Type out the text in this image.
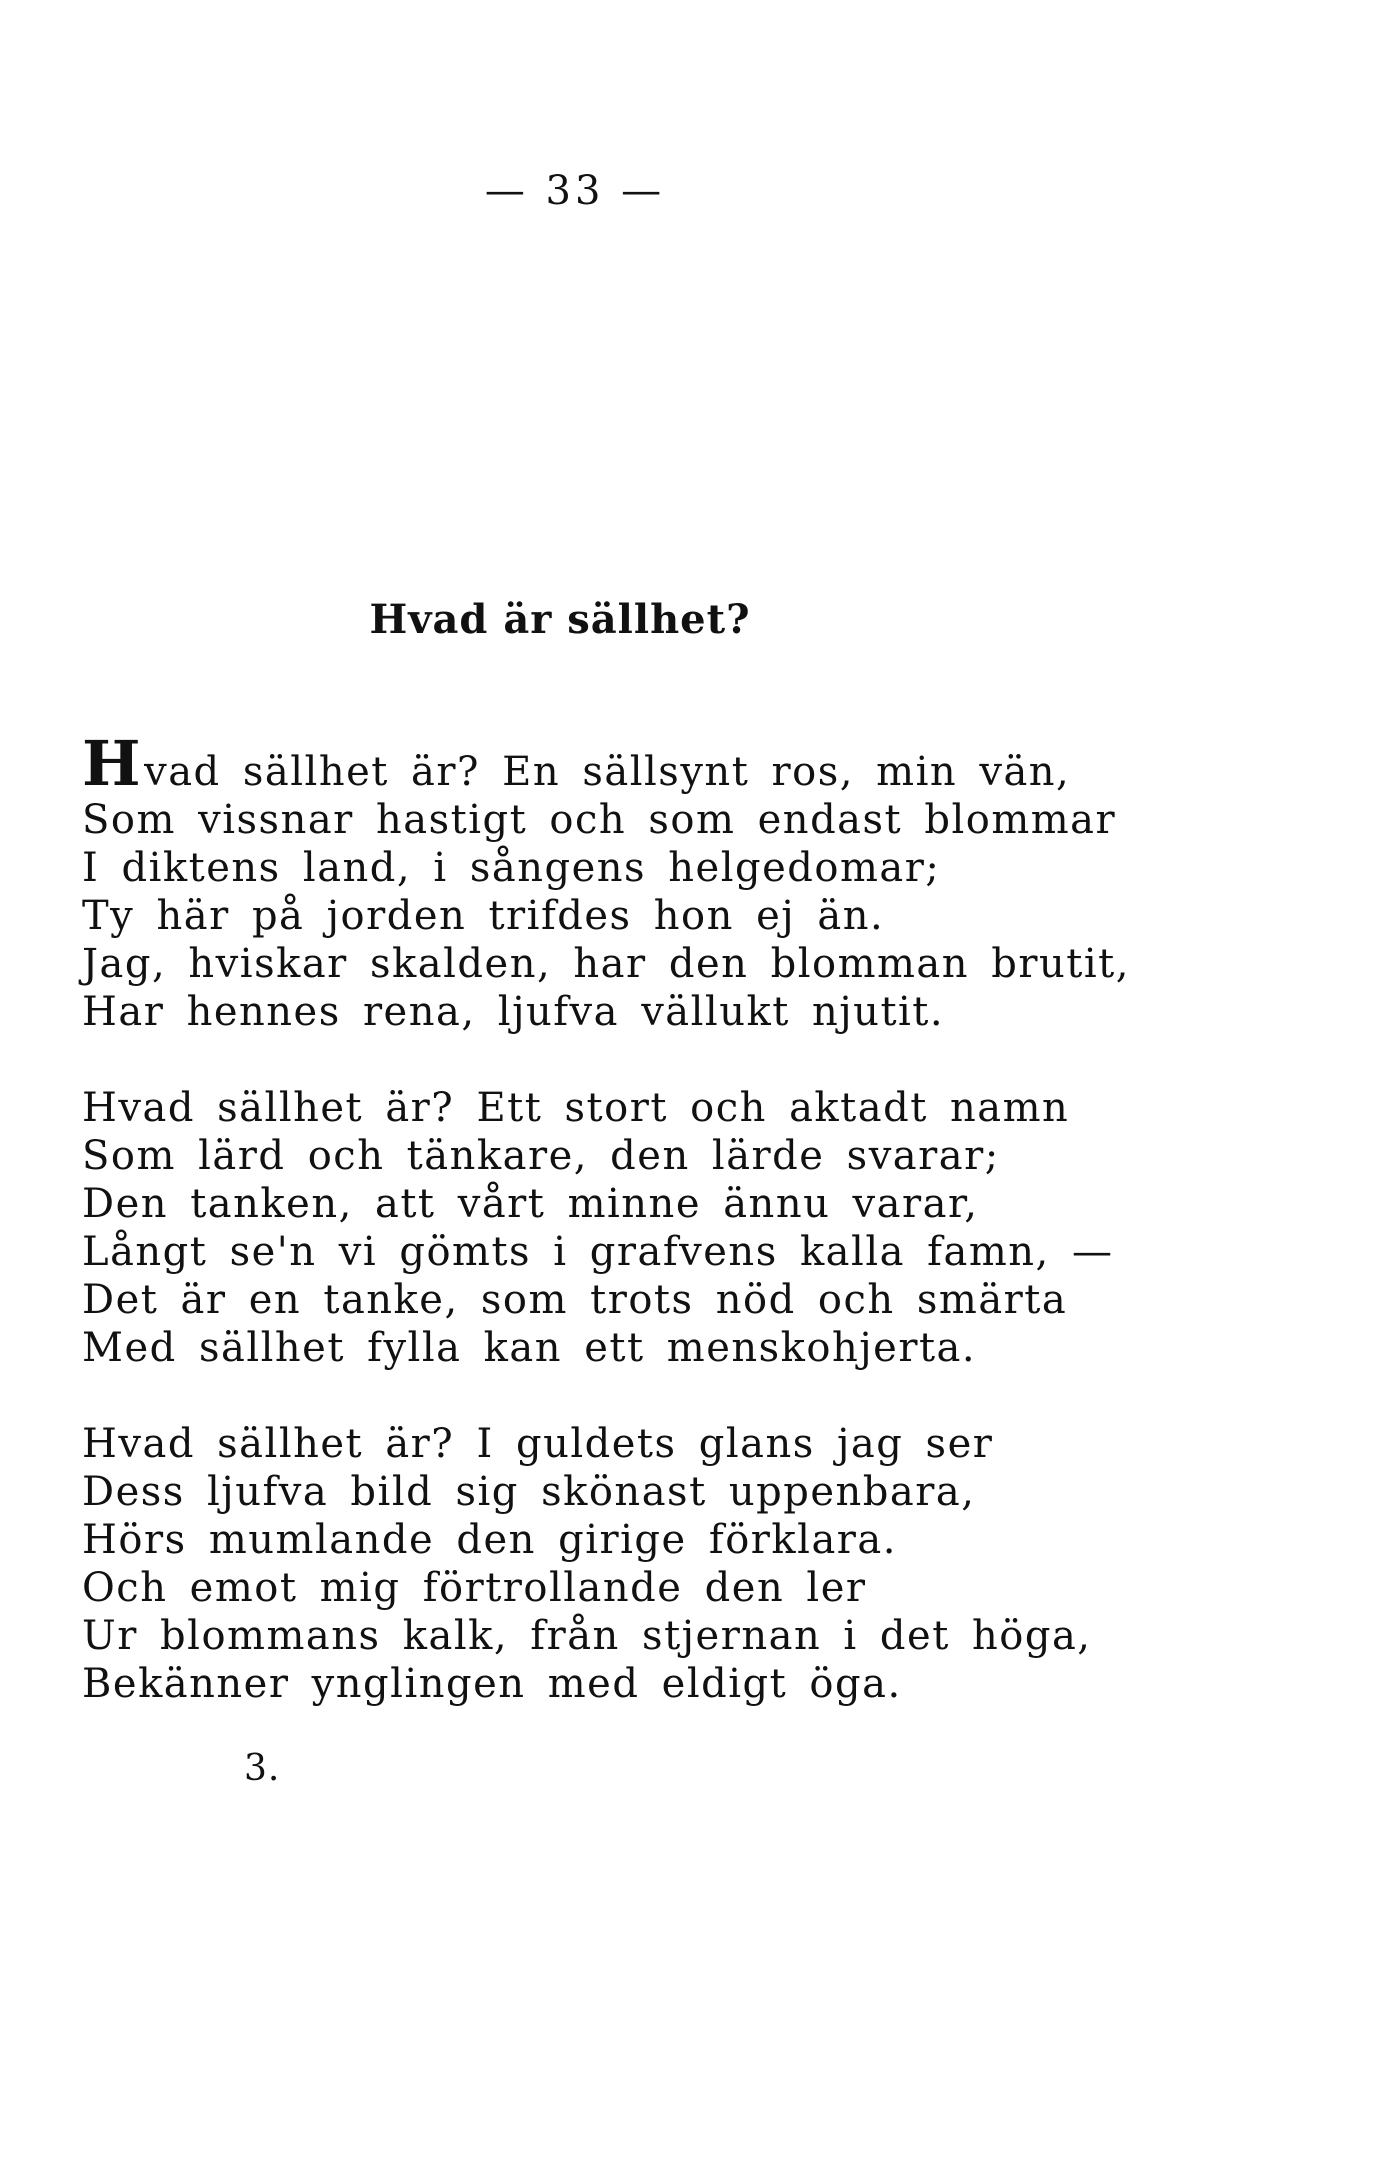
— 33 —
Hvad är sällhet?
Hvad sällhet är? En sällsynt ros, min vän,
Som vissnar hastigt och som endast blommar
I diktens land, i sångens helgedomar;
Ty här på jorden trifdes hon ej än.
Jag, hviskar skalden, har den blomman brutit,
Har hennes rena, ljufva vällukt njutit.
Hvad sällhet är? Ett stort och aktadt namn
Som lärd och tänkare, den lärde svarar;
Den tanken, att vårt minne ännu varar,
Långt se'n vi gömts i grafvens kalla famn, —
Det är en tanke, som trots nöd och smärta
Med sällhet fylla kan ett menskohjerta.
Hvad sällhet är? I guldets glans jag ser
Dess ljufva bild sig skönast uppenbara,
Hörs mumlande den girige förklara.
Och emot mig förtrollande den ler
Ur blommans kalk, från stjernan i det höga,
Bekänner ynglingen med eldigt öga.
3.
